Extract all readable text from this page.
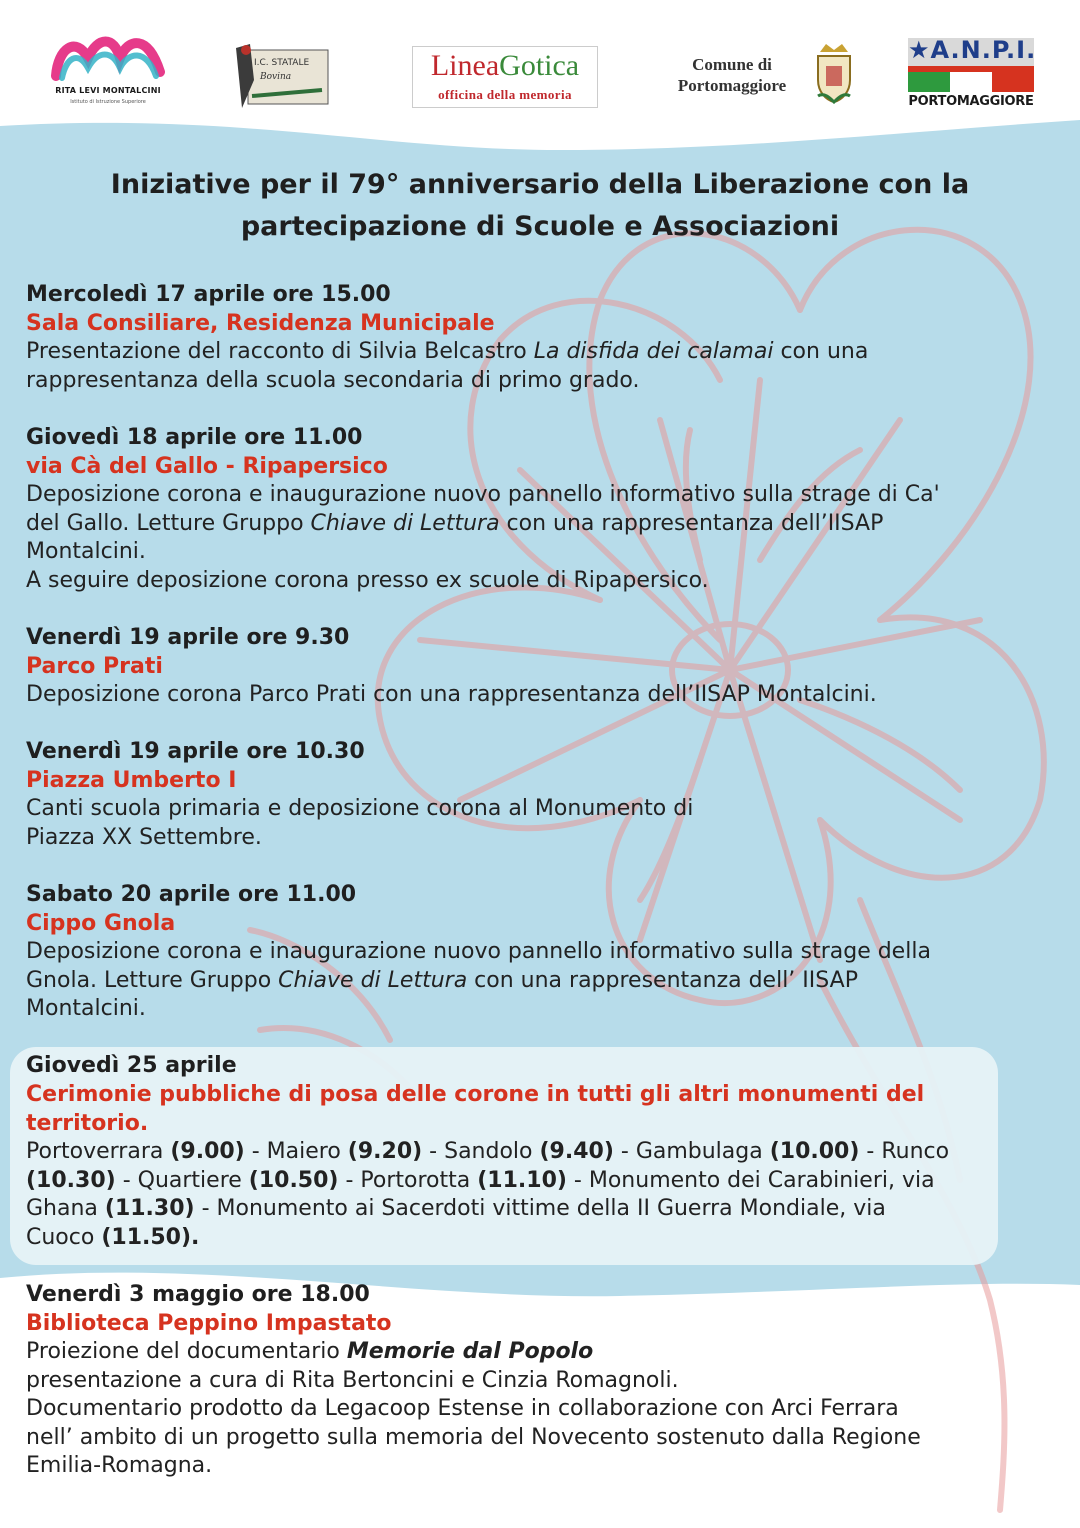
RITA LEVI MONTALCINI
Istituto di Istruzione Superiore
I.C. STATALE
Bovina	LineaGotica
officina della memoria
Comune di
Portomaggiore
★A.N.P.I.
PORTOMAGGIORE
Iniziative per il 79° anniversario della Liberazione con la
partecipazione di Scuole e Associazioni
Mercoledì 17 aprile ore 15.00
Sala Consiliare, Residenza Municipale
Presentazione del racconto di Silvia Belcastro La disfida dei calamai con una
rappresentanza della scuola secondaria di primo grado.
Giovedì 18 aprile ore 11.00
via Cà del Gallo - Ripapersico
Deposizione corona e inaugurazione nuovo pannello informativo sulla strage di Ca'
del Gallo. Letture Gruppo Chiave di Lettura con una rappresentanza dell’IISAP
Montalcini.
A seguire deposizione corona presso ex scuole di Ripapersico.
Venerdì 19 aprile ore 9.30
Parco Prati
Deposizione corona Parco Prati con una rappresentanza dell’IISAP Montalcini.
Venerdì 19 aprile ore 10.30
Piazza Umberto I
Canti scuola primaria e deposizione corona al Monumento di
Piazza XX Settembre.
Sabato 20 aprile ore 11.00
Cippo Gnola
Deposizione corona e inaugurazione nuovo pannello informativo sulla strage della
Gnola. Letture Gruppo Chiave di Lettura con una rappresentanza dell’ IISAP
Montalcini.
Giovedì 25 aprile
Cerimonie pubbliche di posa delle corone in tutti gli altri monumenti del
territorio.
Portoverrara (9.00) - Maiero (9.20) - Sandolo (9.40) - Gambulaga (10.00) - Runco
(10.30) - Quartiere (10.50) - Portorotta (11.10) - Monumento dei Carabinieri, via
Ghana (11.30) - Monumento ai Sacerdoti vittime della II Guerra Mondiale, via
Cuoco (11.50).
Venerdì 3 maggio ore 18.00
Biblioteca Peppino Impastato
Proiezione del documentario Memorie dal Popolo
presentazione a cura di Rita Bertoncini e Cinzia Romagnoli.
Documentario prodotto da Legacoop Estense in collaborazione con Arci Ferrara
nell’ ambito di un progetto sulla memoria del Novecento sostenuto dalla Regione
Emilia-Romagna.
